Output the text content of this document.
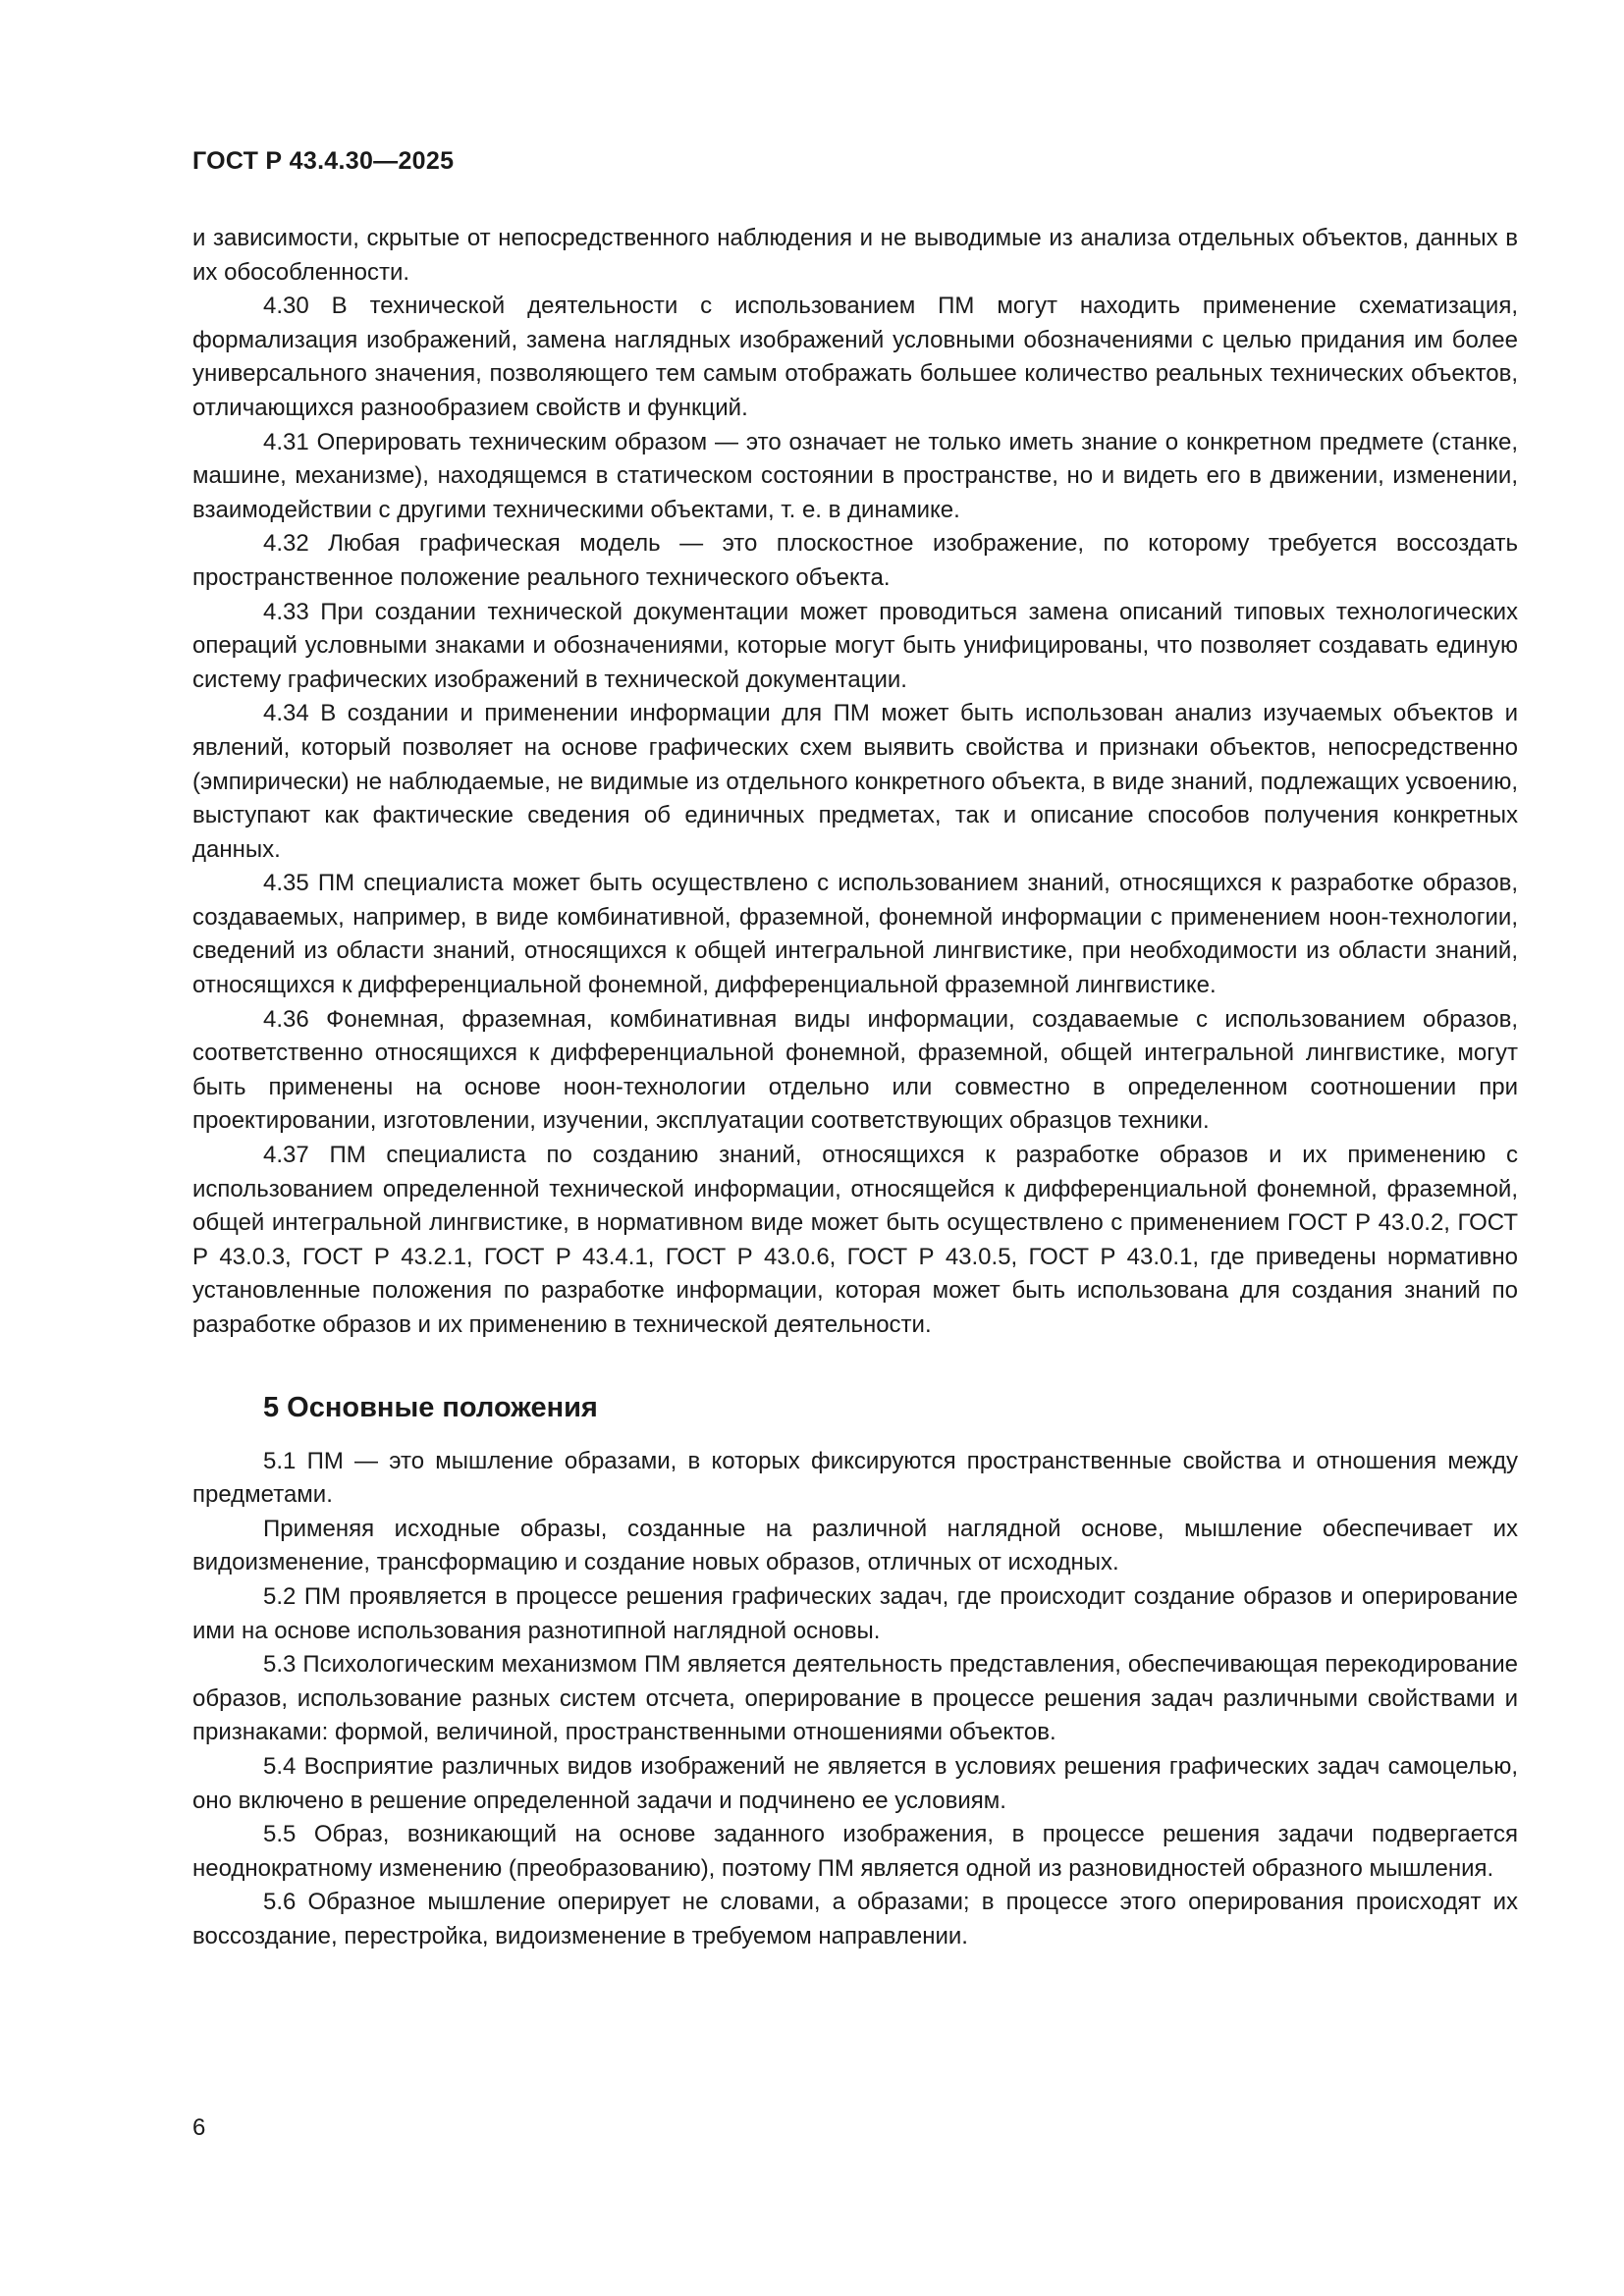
ГОСТ Р 43.4.30—2025

и зависимости, скрытые от непосредственного наблюдения и не выводимые из анализа отдельных объектов, данных в их обособленности.

4.30 В технической деятельности с использованием ПМ могут находить применение схематизация, формализация изображений, замена наглядных изображений условными обозначениями с целью придания им более универсального значения, позволяющего тем самым отображать большее количество реальных технических объектов, отличающихся разнообразием свойств и функций.

4.31 Оперировать техническим образом — это означает не только иметь знание о конкретном предмете (станке, машине, механизме), находящемся в статическом состоянии в пространстве, но и видеть его в движении, изменении, взаимодействии с другими техническими объектами, т. е. в динамике.

4.32 Любая графическая модель — это плоскостное изображение, по которому требуется воссоздать пространственное положение реального технического объекта.

4.33 При создании технической документации может проводиться замена описаний типовых технологических операций условными знаками и обозначениями, которые могут быть унифицированы, что позволяет создавать единую систему графических изображений в технической документации.

4.34 В создании и применении информации для ПМ может быть использован анализ изучаемых объектов и явлений, который позволяет на основе графических схем выявить свойства и признаки объектов, непосредственно (эмпирически) не наблюдаемые, не видимые из отдельного конкретного объекта, в виде знаний, подлежащих усвоению, выступают как фактические сведения об единичных предметах, так и описание способов получения конкретных данных.

4.35 ПМ специалиста может быть осуществлено с использованием знаний, относящихся к разработке образов, создаваемых, например, в виде комбинативной, фраземной, фонемной информации с применением ноон-технологии, сведений из области знаний, относящихся к общей интегральной лингвистике, при необходимости из области знаний, относящихся к дифференциальной фонемной, дифференциальной фраземной лингвистике.

4.36 Фонемная, фраземная, комбинативная виды информации, создаваемые с использованием образов, соответственно относящихся к дифференциальной фонемной, фраземной, общей интегральной лингвистике, могут быть применены на основе ноон-технологии отдельно или совместно в определенном соотношении при проектировании, изготовлении, изучении, эксплуатации соответствующих образцов техники.

4.37 ПМ специалиста по созданию знаний, относящихся к разработке образов и их применению с использованием определенной технической информации, относящейся к дифференциальной фонемной, фраземной, общей интегральной лингвистике, в нормативном виде может быть осуществлено с применением ГОСТ Р 43.0.2, ГОСТ Р 43.0.3, ГОСТ Р 43.2.1, ГОСТ Р 43.4.1, ГОСТ Р 43.0.6, ГОСТ Р 43.0.5, ГОСТ Р 43.0.1, где приведены нормативно установленные положения по разработке информации, которая может быть использована для создания знаний по разработке образов и их применению в технической деятельности.

5 Основные положения

5.1 ПМ — это мышление образами, в которых фиксируются пространственные свойства и отношения между предметами.

Применяя исходные образы, созданные на различной наглядной основе, мышление обеспечивает их видоизменение, трансформацию и создание новых образов, отличных от исходных.

5.2 ПМ проявляется в процессе решения графических задач, где происходит создание образов и оперирование ими на основе использования разнотипной наглядной основы.

5.3 Психологическим механизмом ПМ является деятельность представления, обеспечивающая перекодирование образов, использование разных систем отсчета, оперирование в процессе решения задач различными свойствами и признаками: формой, величиной, пространственными отношениями объектов.

5.4 Восприятие различных видов изображений не является в условиях решения графических задач самоцелью, оно включено в решение определенной задачи и подчинено ее условиям.

5.5 Образ, возникающий на основе заданного изображения, в процессе решения задачи подвергается неоднократному изменению (преобразованию), поэтому ПМ является одной из разновидностей образного мышления.

5.6 Образное мышление оперирует не словами, а образами; в процессе этого оперирования происходят их воссоздание, перестройка, видоизменение в требуемом направлении.

6
